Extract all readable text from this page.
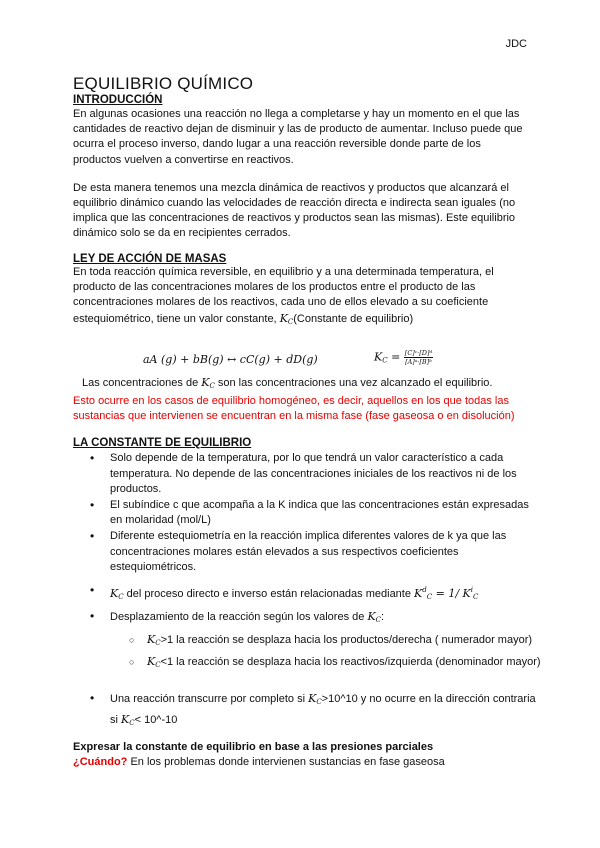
JDC
EQUILIBRIO QUÍMICO
INTRODUCCIÓN
En algunas ocasiones una reacción no llega a completarse y hay un momento en el que las cantidades de reactivo dejan de disminuir y las de producto de aumentar. Incluso puede que ocurra el proceso inverso, dando lugar a una reacción reversible donde parte de los productos vuelven a convertirse en reactivos.
De esta manera tenemos una mezcla dinámica de reactivos y productos que alcanzará el equilibrio dinámico cuando las velocidades de reacción directa e indirecta sean iguales (no implica que las concentraciones de reactivos y productos sean las mismas). Este equilibrio dinámico solo se da en recipientes cerrados.
LEY DE ACCIÓN DE MASAS
En toda reacción química reversible, en equilibrio y a una determinada temperatura, el producto de las concentraciones molares de los productos entre el producto de las concentraciones molares de los reactivos, cada uno de ellos elevado a su coeficiente estequiométrico, tiene un valor constante, $K_C(Constante$ de equilibrio)
aA (g) + bB(g) ↔ cC(g) + dD(g)	$K_C = \frac{\text{[C]ᶜ·[D]ᵈ}}{\text{[A]ᵃ·[B]ᵇ}}$
Las concentraciones de $K_C$ son las concentraciones una vez alcanzado el equilibrio.
Esto ocurre en los casos de equilibrio homogéneo, es decir, aquellos en los que todas las sustancias que intervienen se encuentran en la misma fase (fase gaseosa o en disolución)
LA CONSTANTE DE EQUILIBRIO
• Solo depende de la temperatura, por lo que tendrá un valor característico a cada temperatura. No depende de las concentraciones iniciales de los reactivos ni de los productos.
• El subíndice c que acompaña a la K indica que las concentraciones están expresadas en molaridad (mol/L)
• Diferente estequiometría en la reacción implica diferentes valores de k ya que las concentraciones molares están elevados a sus respectivos coeficientes estequiométricos.
• $K_C$ del proceso directo e inverso están relacionadas mediante $K^d_C = 1/$ $K^i_C$
• Desplazamiento de la reacción según los valores de $K_C$:
○ $K_C>1$ la reacción se desplaza hacia los productos/derecha ( numerador mayor)
○ $K_C<1$ la reacción se desplaza hacia los reactivos/izquierda (denominador mayor)
• Una reacción transcurre por completo si $K_C>10\^{}10$ y no ocurre en la dirección contraria si $K_C<$ 10^-10
Expresar la constante de equilibrio en base a las presiones parciales
¿Cuándo? En los problemas donde intervienen sustancias en fase gaseosa
